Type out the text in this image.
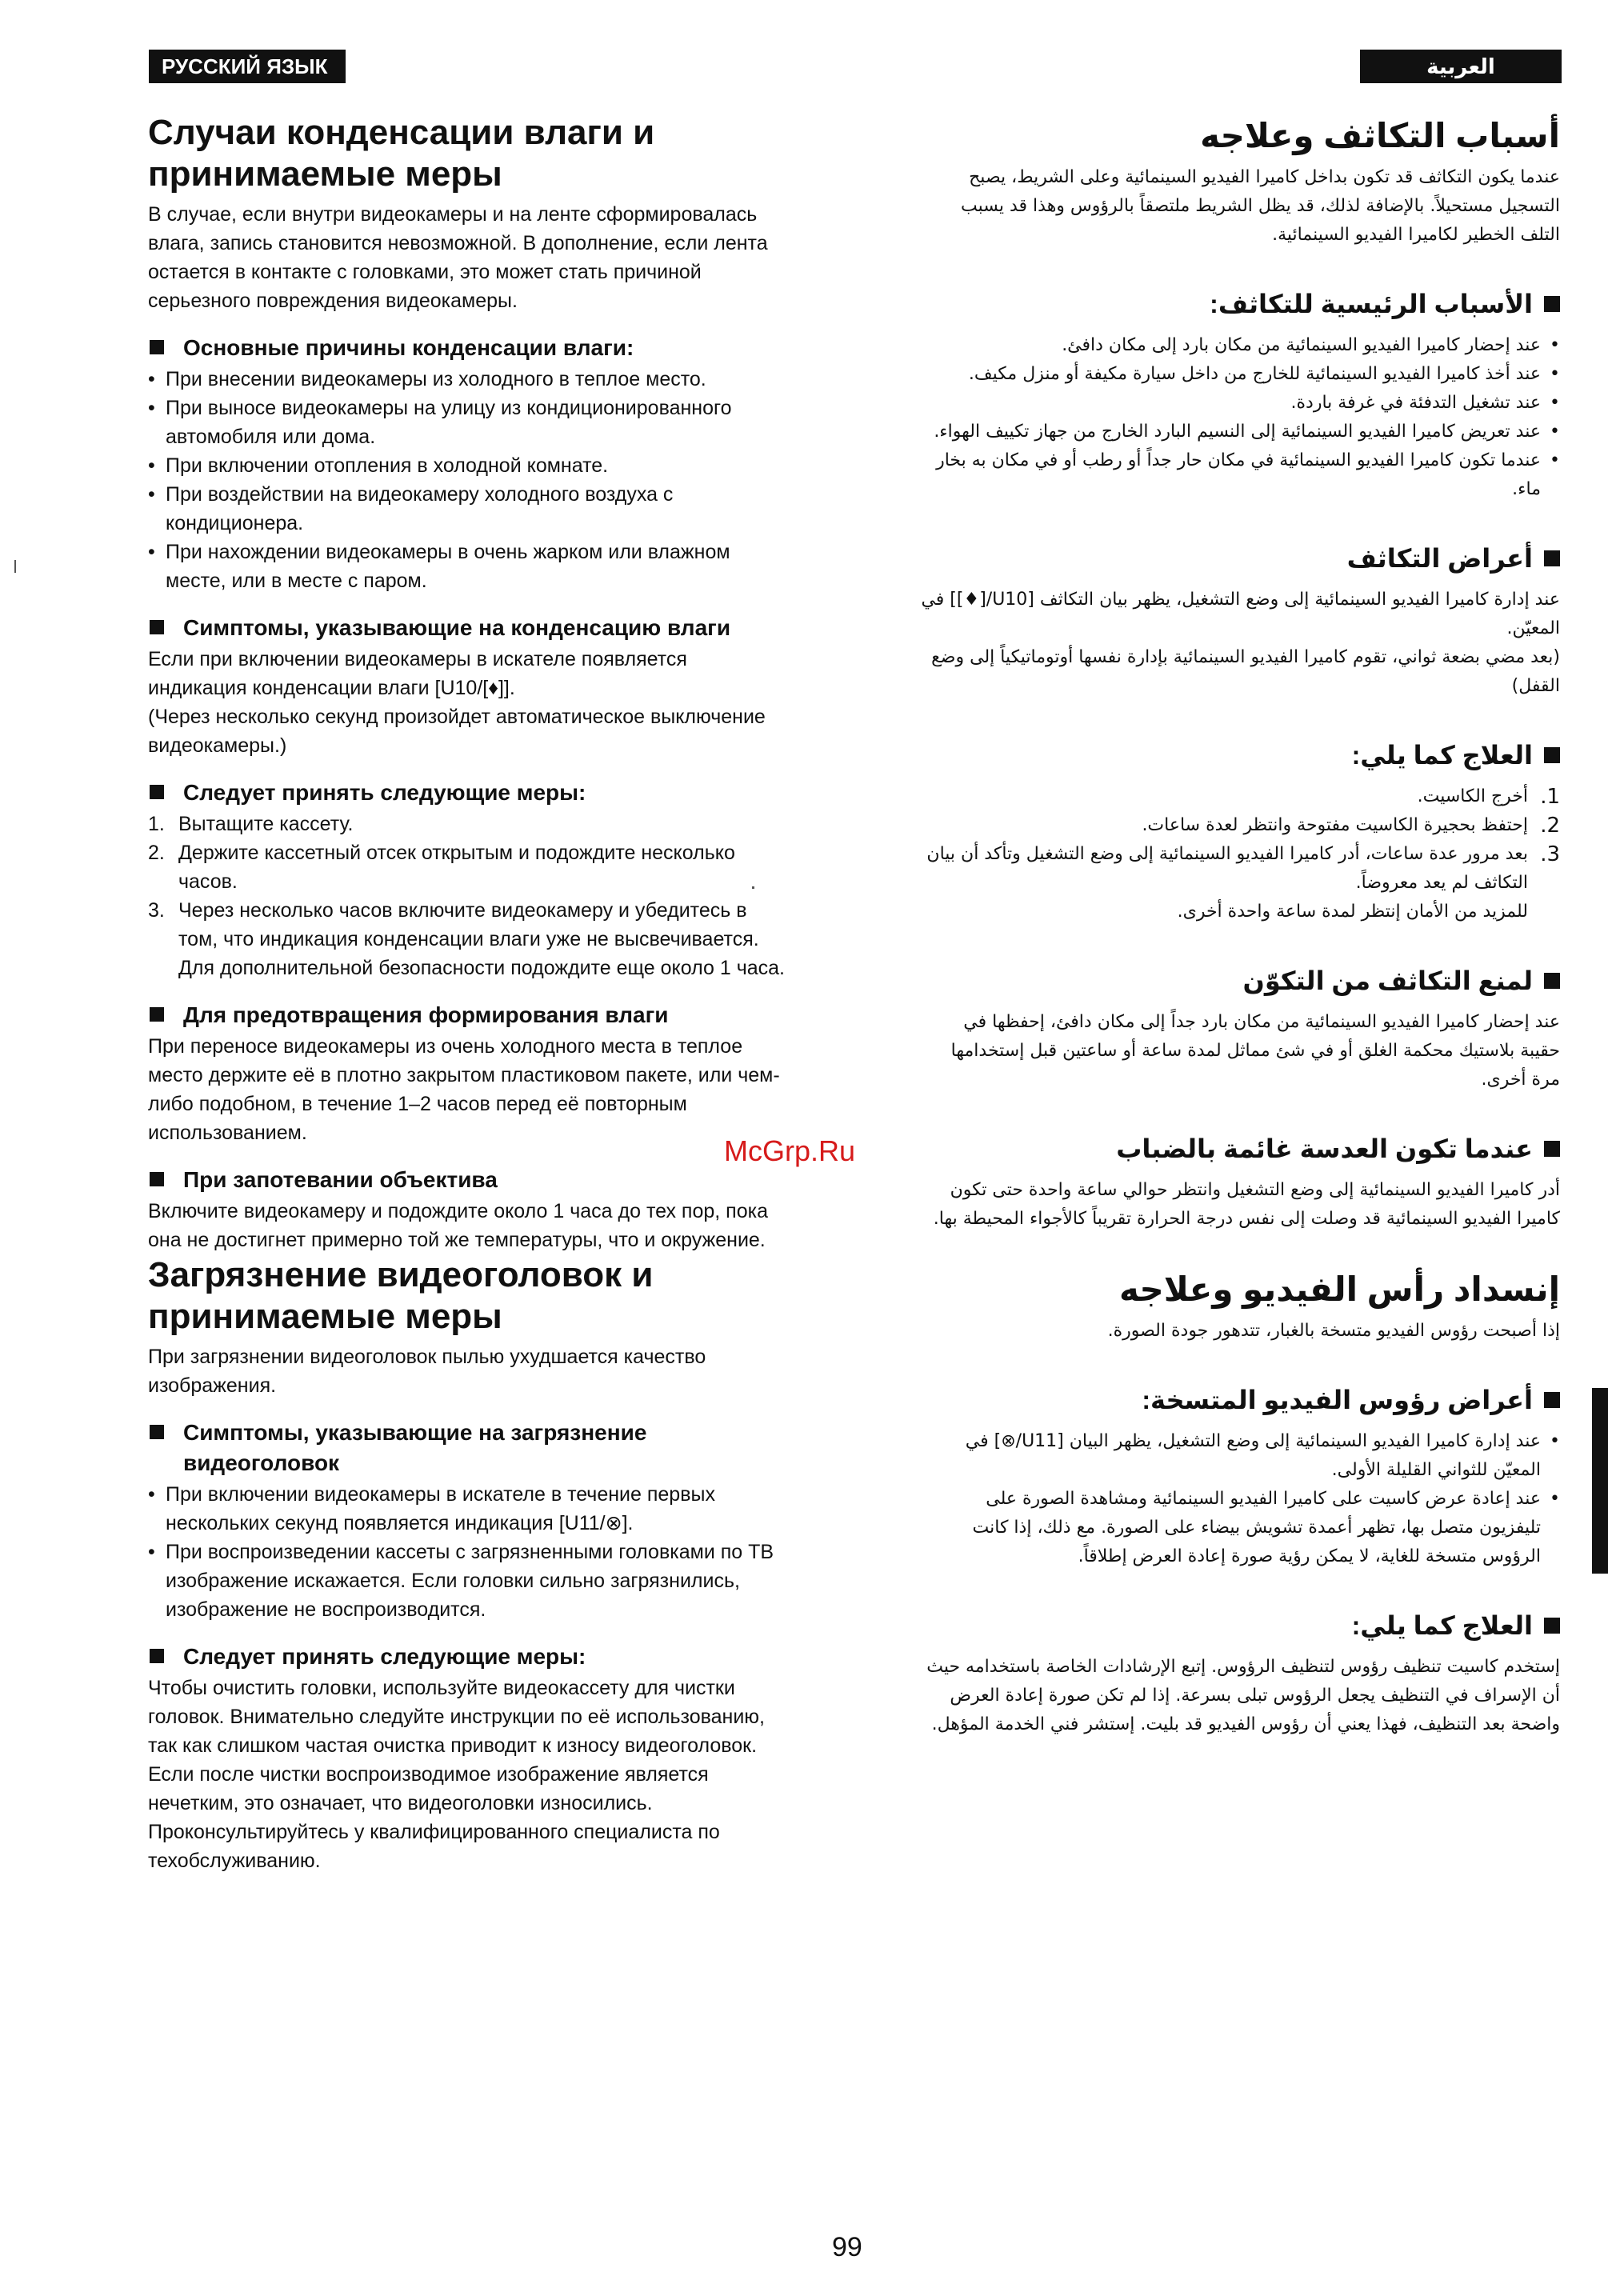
РУССКИЙ ЯЗЫК	العربية
Случаи конденсации влаги и принимаемые меры

В случае, если внутри видеокамеры и на ленте сформировалась влага, запись становится невозможной. В дополнение, если лента остается в контакте с головками, это может стать причиной серьезного повреждения видеокамеры.

Основные причины конденсации влаги:
• При внесении видеокамеры из холодного в теплое место.
• При выносе видеокамеры на улицу из кондиционированного автомобиля или дома.
• При включении отопления в холодной комнате.
• При воздействии на видеокамеру холодного воздуха с кондиционера.
• При нахождении видеокамеры в очень жарком или влажном месте, или в месте с паром.
Симптомы, указывающие на конденсацию влаги

Если при включении видеокамеры в искателе появляется индикация конденсации влаги [U10/[♦]].

(Через несколько секунд произойдет автоматическое выключение видеокамеры.)

Следует принять следующие меры:
1. Вытащите кассету.
2. Держите кассетный отсек открытым и подождите несколько часов.
3. Через несколько часов включите видеокамеру и убедитесь в том, что индикация конденсации влаги уже не высвечивается.

Для дополнительной безопасности подождите еще около 1 часа.

Для предотвращения формирования влаги

При переносе видеокамеры из очень холодного места в теплое место держите её в плотно закрытом пластиковом пакете, или чем-либо подобном, в течение 1–2 часов перед её повторным использованием.

При запотевании объектива

Включите видеокамеру и подождите около 1 часа до тех пор, пока она не достигнет примерно той же температуры, что и окружение.

Загрязнение видеоголовок и принимаемые меры

При загрязнении видеоголовок пылью ухудшается качество изображения.

Симптомы, указывающие на загрязнение видеоголовок
• При включении видеокамеры в искателе в течение первых нескольких секунд появляется индикация [U11/⊗].
• При воспроизведении кассеты с загрязненными головками по ТВ изображение искажается. Если головки сильно загрязнились, изображение не воспроизводится.
Следует принять следующие меры:

Чтобы очистить головки, используйте видеокассету для чистки головок. Внимательно следуйте инструкции по её использованию, так как слишком частая очистка приводит к износу видеоголовок. Если после чистки воспроизводимое изображение является нечетким, это означает, что видеоголовки износились. Проконсультируйтесь у квалифицированного специалиста по техобслуживанию.

أسباب التكاثف وعلاجه

عندما يكون التكاثف قد تكون بداخل كاميرا الفيديو السينمائية وعلى الشريط، يصبح التسجيل مستحيلاً. بالإضافة لذلك، قد يظل الشريط ملتصقاً بالرؤوس وهذا قد يسبب التلف الخطير لكاميرا الفيديو السينمائية.

الأسباب الرئيسية للتكاثف:
• عند إحضار كاميرا الفيديو السينمائية من مكان بارد إلى مكان دافئ.
• عند أخذ كاميرا الفيديو السينمائية للخارج من داخل سيارة مكيفة أو منزل مكيف.
• عند تشغيل التدفئة في غرفة باردة.
• عند تعريض كاميرا الفيديو السينمائية إلى النسيم البارد الخارج من جهاز تكييف الهواء.
• عندما تكون كاميرا الفيديو السينمائية في مكان حار جداً أو رطب أو في مكان به بخار ماء.
أعراض التكاثف

عند إدارة كاميرا الفيديو السينمائية إلى وضع التشغيل، يظهر بيان التكاثف [U10/[♦]] في المعيّن.

(بعد مضي بضعة ثواني، تقوم كاميرا الفيديو السينمائية بإدارة نفسها أوتوماتيكياً إلى وضع القفل)

العلاج كما يلي:
1.
أخرج الكاسيت.
2.
إحتفظ بحجيرة الكاسيت مفتوحة وانتظر لعدة ساعات.
3.
بعد مرور عدة ساعات، أدر كاميرا الفيديو السينمائية إلى وضع التشغيل وتأكد أن بيان التكاثف لم يعد معروضاً.

للمزيد من الأمان إنتظر لمدة ساعة واحدة أخرى.

لمنع التكاثف من التكوّن

عند إحضار كاميرا الفيديو السينمائية من مكان بارد جداً إلى مكان دافئ، إحفظها في حقيبة بلاستيك محكمة الغلق أو في شئ مماثل لمدة ساعة أو ساعتين قبل إستخدامها مرة أخرى.

عندما تكون العدسة غائمة بالضباب

أدر كاميرا الفيديو السينمائية إلى وضع التشغيل وانتظر حوالي ساعة واحدة حتى تكون كاميرا الفيديو السينمائية قد وصلت إلى نفس درجة الحرارة تقريباً كالأجواء المحيطة بها.

إنسداد رأس الفيديو وعلاجه

إذا أصبحت رؤوس الفيديو متسخة بالغبار، تتدهور جودة الصورة.

أعراض رؤوس الفيديو المتسخة:
• عند إدارة كاميرا الفيديو السينمائية إلى وضع التشغيل، يظهر البيان [U11/⊗] في المعيّن للثواني القليلة الأولى.
• عند إعادة عرض كاسيت على كاميرا الفيديو السينمائية ومشاهدة الصورة على تليفزيون متصل بها، تظهر أعمدة تشويش بيضاء على الصورة. مع ذلك، إذا كانت الرؤوس متسخة للغاية، لا يمكن رؤية صورة إعادة العرض إطلاقاً.
العلاج كما يلي:

إستخدم كاسيت تنظيف رؤوس لتنظيف الرؤوس. إتبع الإرشادات الخاصة باستخدامه حيث أن الإسراف في التنظيف يجعل الرؤوس تبلى بسرعة. إذا لم تكن صورة إعادة العرض واضحة بعد التنظيف، فهذا يعني أن رؤوس الفيديو قد بليت. إستشر فني الخدمة المؤهل.

McGrp.Ru
99
